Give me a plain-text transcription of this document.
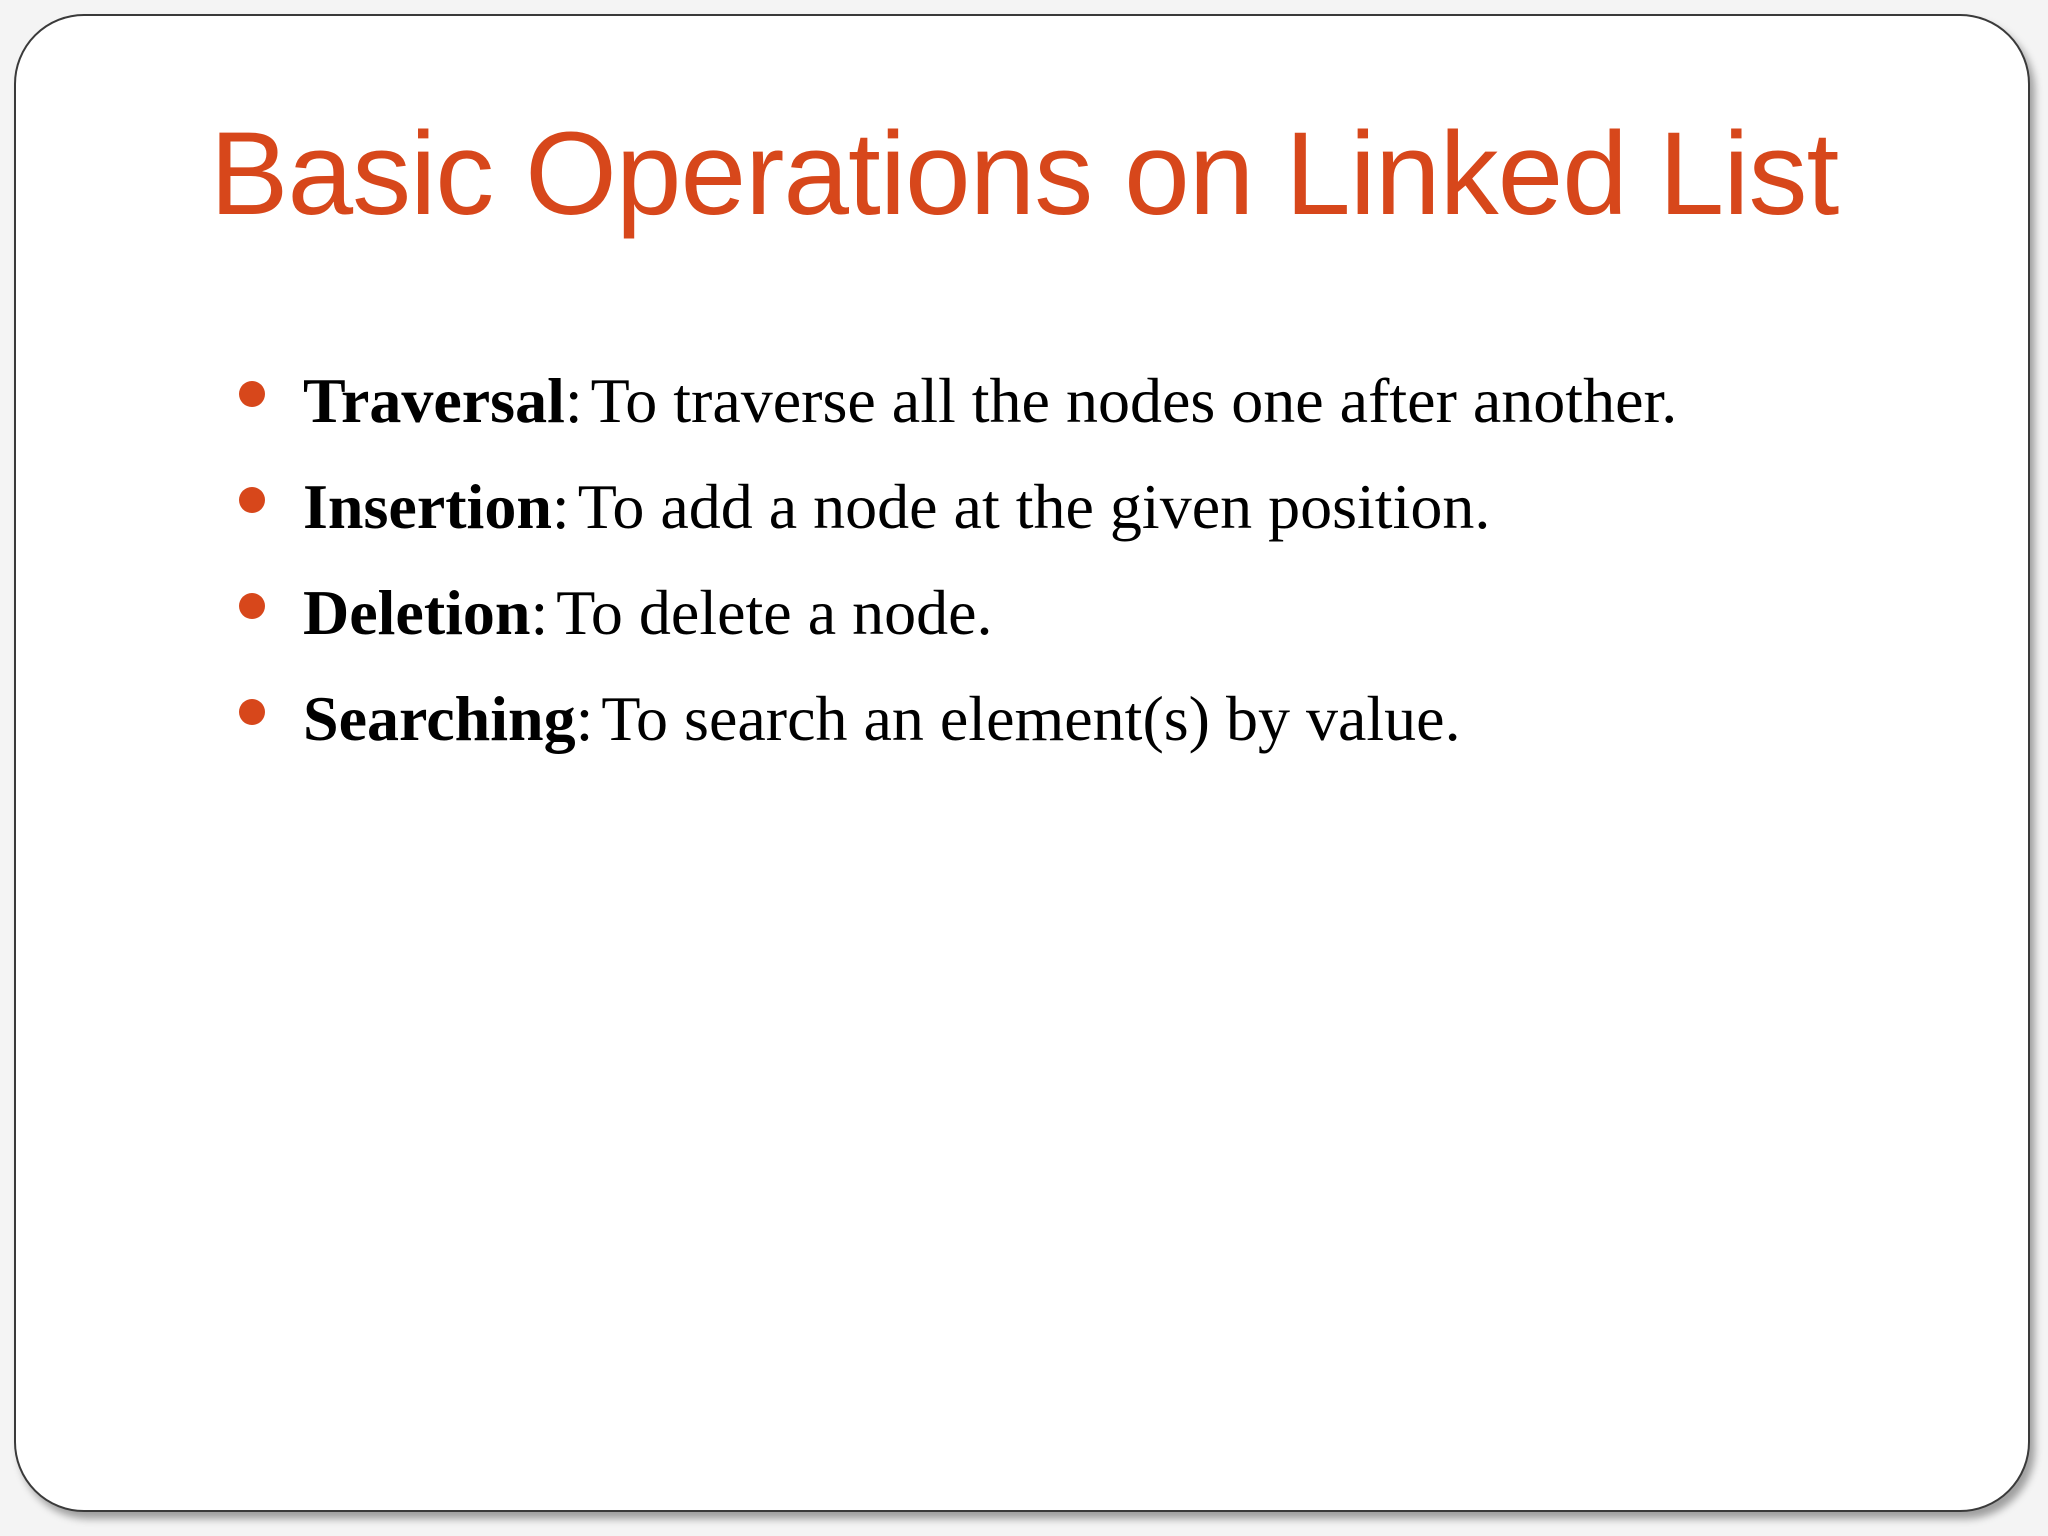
Basic Operations on Linked List
Traversal: To traverse all the nodes one after another.
Insertion: To add a node at the given position.
Deletion: To delete a node.
Searching: To search an element(s) by value.
